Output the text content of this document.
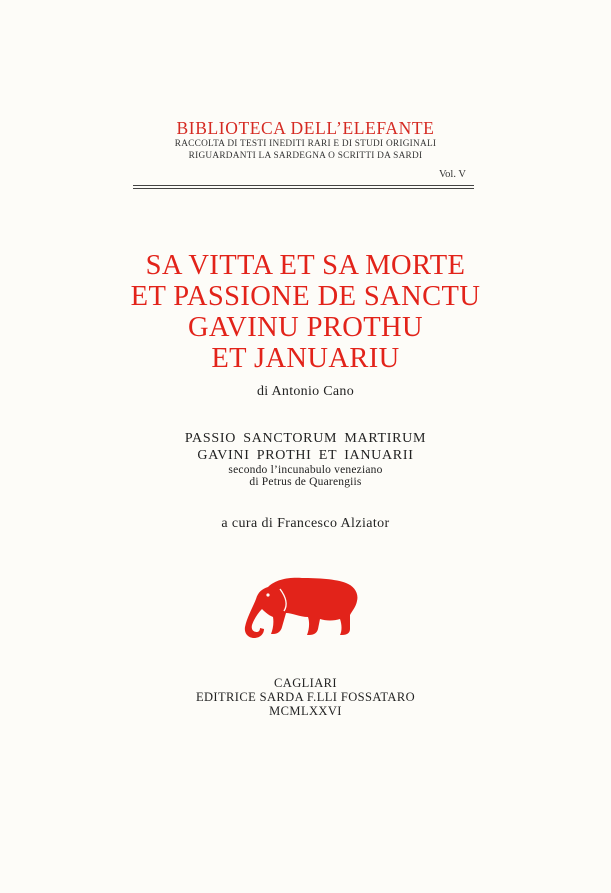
BIBLIOTECA DELL’ELEFANTE
RACCOLTA DI TESTI INEDITI RARI E DI STUDI ORIGINALI
RIGUARDANTI LA SARDEGNA O SCRITTI DA SARDI
Vol. V
SA VITTA ET SA MORTE
ET PASSIONE DE SANCTU
GAVINU PROTHU
ET JANUARIU
di Antonio Cano
PASSIO SANCTORUM MARTIRUM
GAVINI PROTHI ET IANUARII
secondo l’incunabulo veneziano
di Petrus de Quarengiis
a cura di Francesco Alziator
CAGLIARI
EDITRICE SARDA F.LLI FOSSATARO
MCMLXXVI
